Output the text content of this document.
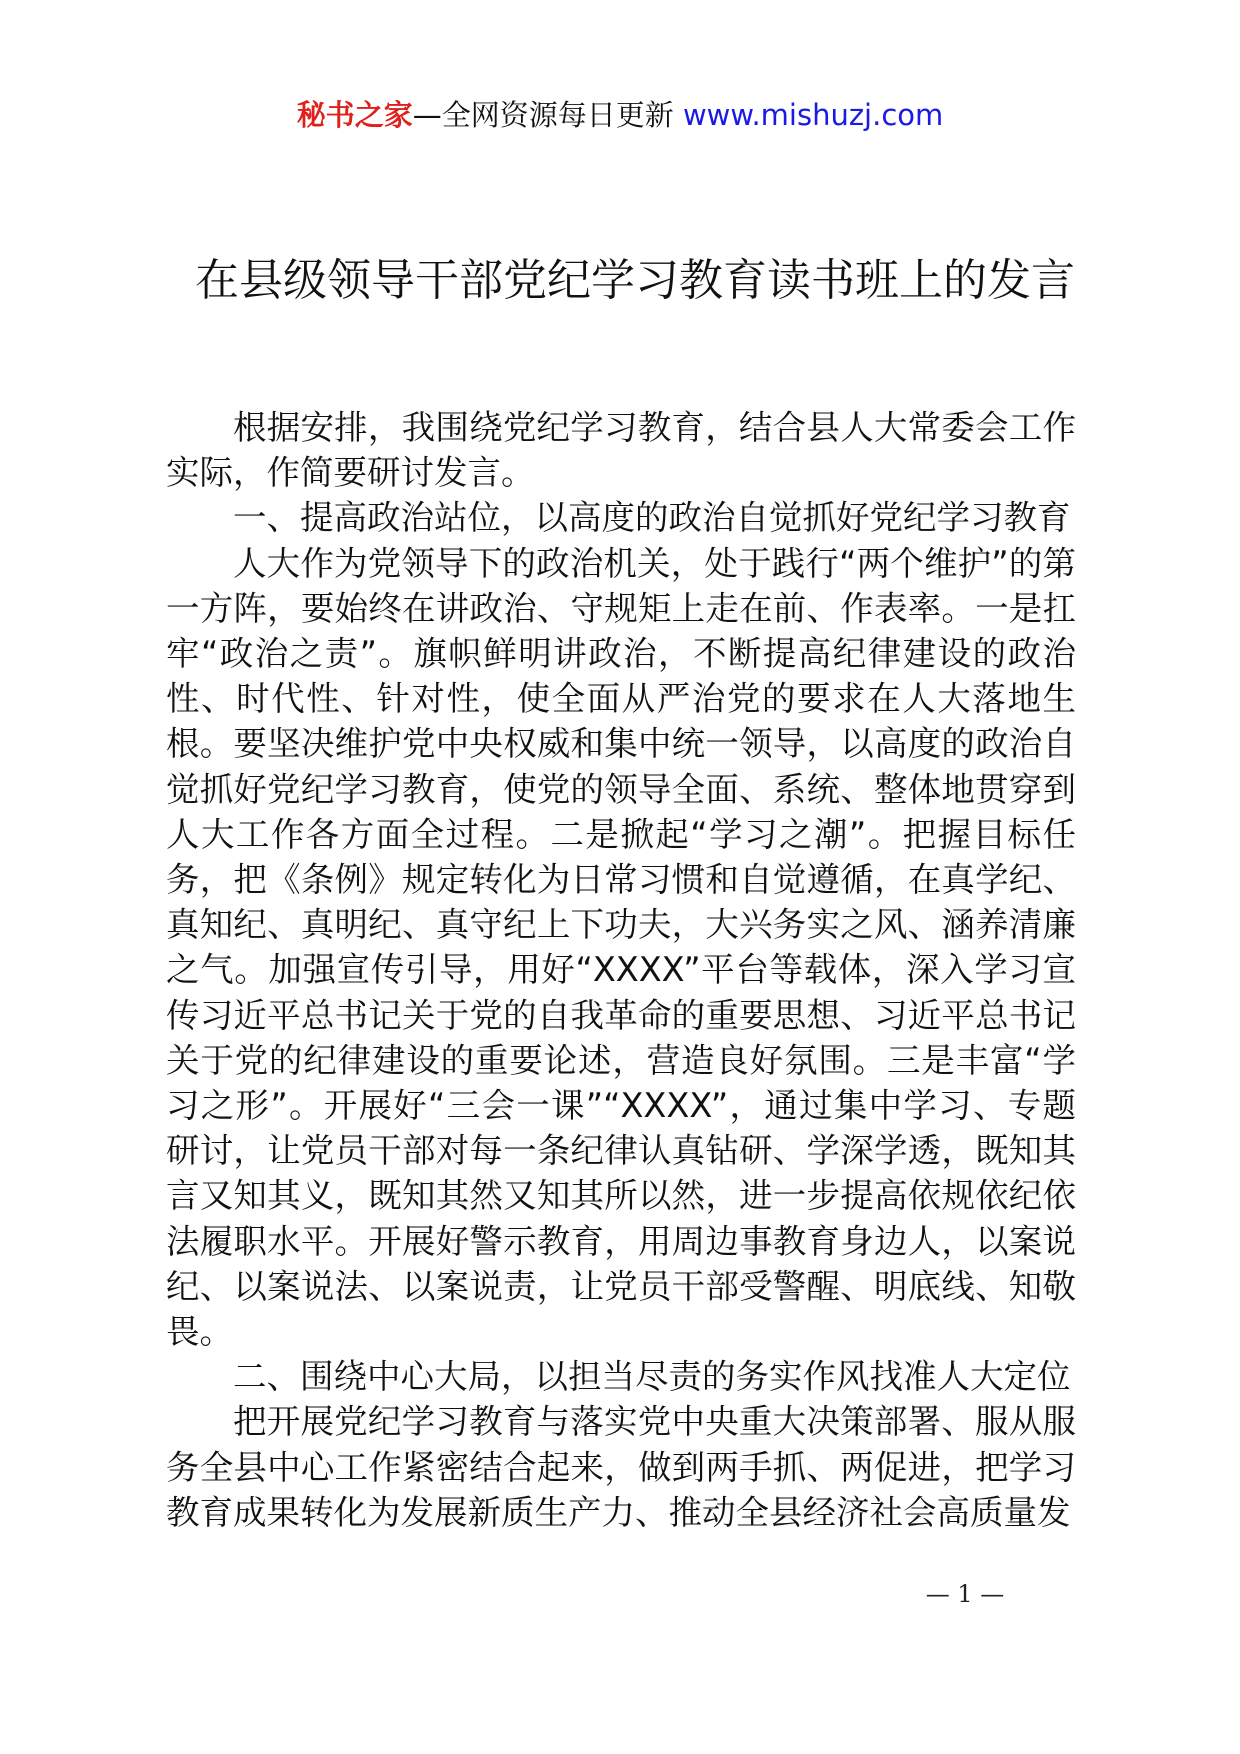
秘书之家—全网资源每日更新 www.mishuzj.com
在县级领导干部党纪学习教育读书班上的发言

根据安排，我围绕党纪学习教育，结合县人大常委会工作实际，作简要研讨发言。

一、提高政治站位，以高度的政治自觉抓好党纪学习教育

人大作为党领导下的政治机关，处于践行“两个维护”的第一方阵，要始终在讲政治、守规矩上走在前、作表率。一是扛牢“政治之责”。旗帜鲜明讲政治，不断提高纪律建设的政治性、时代性、针对性，使全面从严治党的要求在人大落地生根。要坚决维护党中央权威和集中统一领导，以高度的政治自觉抓好党纪学习教育，使党的领导全面、系统、整体地贯穿到人大工作各方面全过程。二是掀起“学习之潮”。把握目标任务，把《条例》规定转化为日常习惯和自觉遵循，在真学纪、真知纪、真明纪、真守纪上下功夫，大兴务实之风、涵养清廉之气。加强宣传引导，用好“XXXX”平台等载体，深入学习宣传习近平总书记关于党的自我革命的重要思想、习近平总书记关于党的纪律建设的重要论述，营造良好氛围。三是丰富“学习之形”。开展好“三会一课”“XXXX”，通过集中学习、专题研讨，让党员干部对每一条纪律认真钻研、学深学透，既知其言又知其义，既知其然又知其所以然，进一步提高依规依纪依法履职水平。开展好警示教育，用周边事教育身边人，以案说纪、以案说法、以案说责，让党员干部受警醒、明底线、知敬畏。

二、围绕中心大局，以担当尽责的务实作风找准人大定位

把开展党纪学习教育与落实党中央重大决策部署、服从服务全县中心工作紧密结合起来，做到两手抓、两促进，把学习教育成果转化为发展新质生产力、推动全县经济社会高质量发

— 1 —
